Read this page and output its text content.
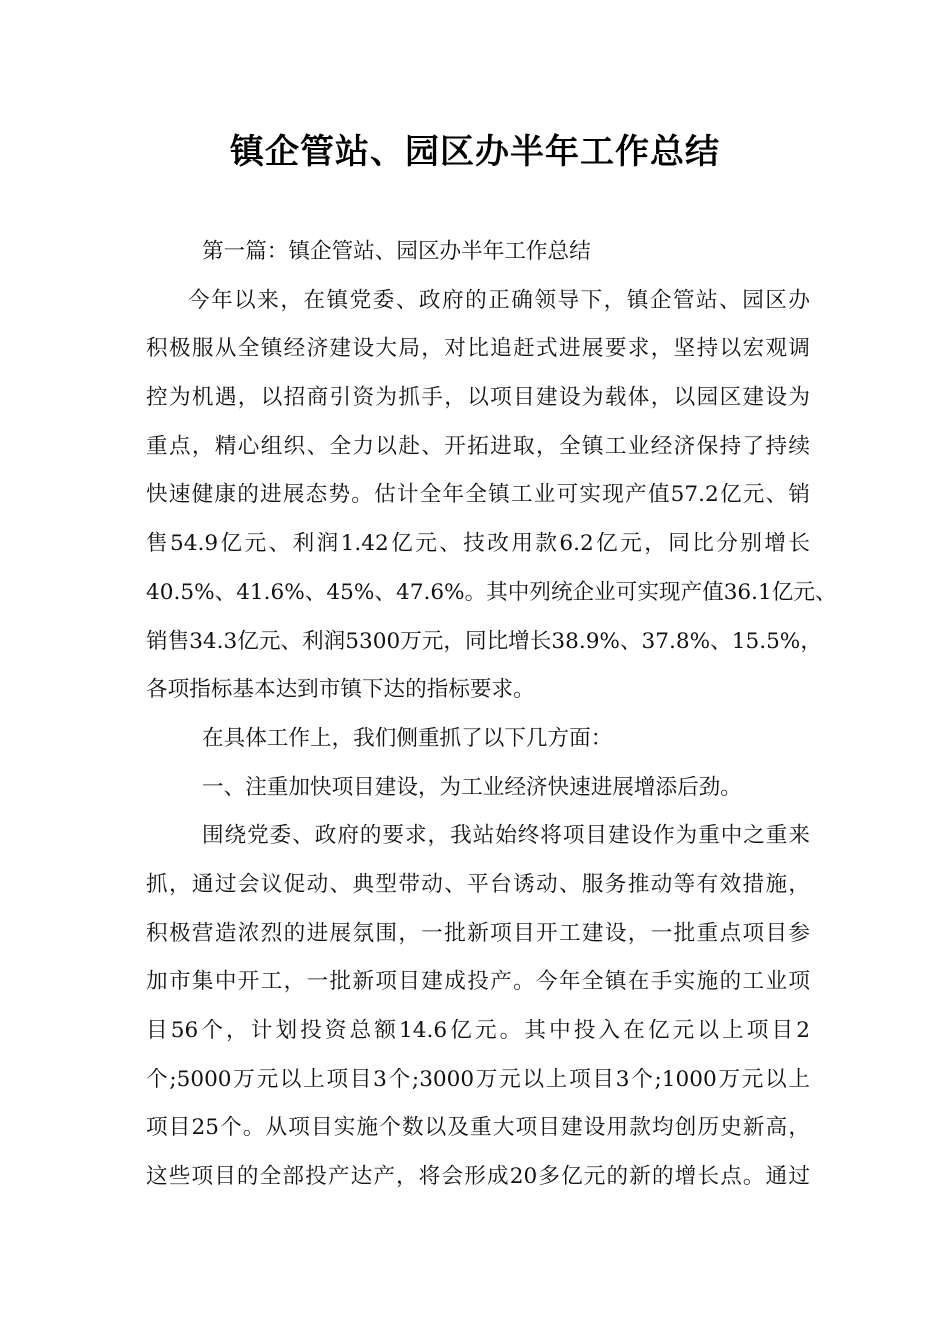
镇企管站、园区办半年工作总结
第一篇：镇企管站、园区办半年工作总结
今年以来，在镇党委、政府的正确领导下，镇企管站、园区办
积极服从全镇经济建设大局，对比追赶式进展要求，坚持以宏观调
控为机遇，以招商引资为抓手，以项目建设为载体，以园区建设为
重点，精心组织、全力以赴、开拓进取，全镇工业经济保持了持续
快速健康的进展态势。估计全年全镇工业可实现产值57.2亿元、销
售54.9亿元、利润1.42亿元、技改用款6.2亿元，同比分别增长
40.5%、41.6%、45%、47.6%。其中列统企业可实现产值36.1亿元、
销售34.3亿元、利润5300万元，同比增长38.9%、37.8%、15.5%，
各项指标基本达到市镇下达的指标要求。
在具体工作上，我们侧重抓了以下几方面：
一、注重加快项目建设，为工业经济快速进展增添后劲。
围绕党委、政府的要求，我站始终将项目建设作为重中之重来
抓，通过会议促动、典型带动、平台诱动、服务推动等有效措施，
积极营造浓烈的进展氛围，一批新项目开工建设，一批重点项目参
加市集中开工，一批新项目建成投产。今年全镇在手实施的工业项
目56个，计划投资总额14.6亿元。其中投入在亿元以上项目2
个;5000万元以上项目3个;3000万元以上项目3个;1000万元以上
项目25个。从项目实施个数以及重大项目建设用款均创历史新高，
这些项目的全部投产达产，将会形成20多亿元的新的增长点。通过
